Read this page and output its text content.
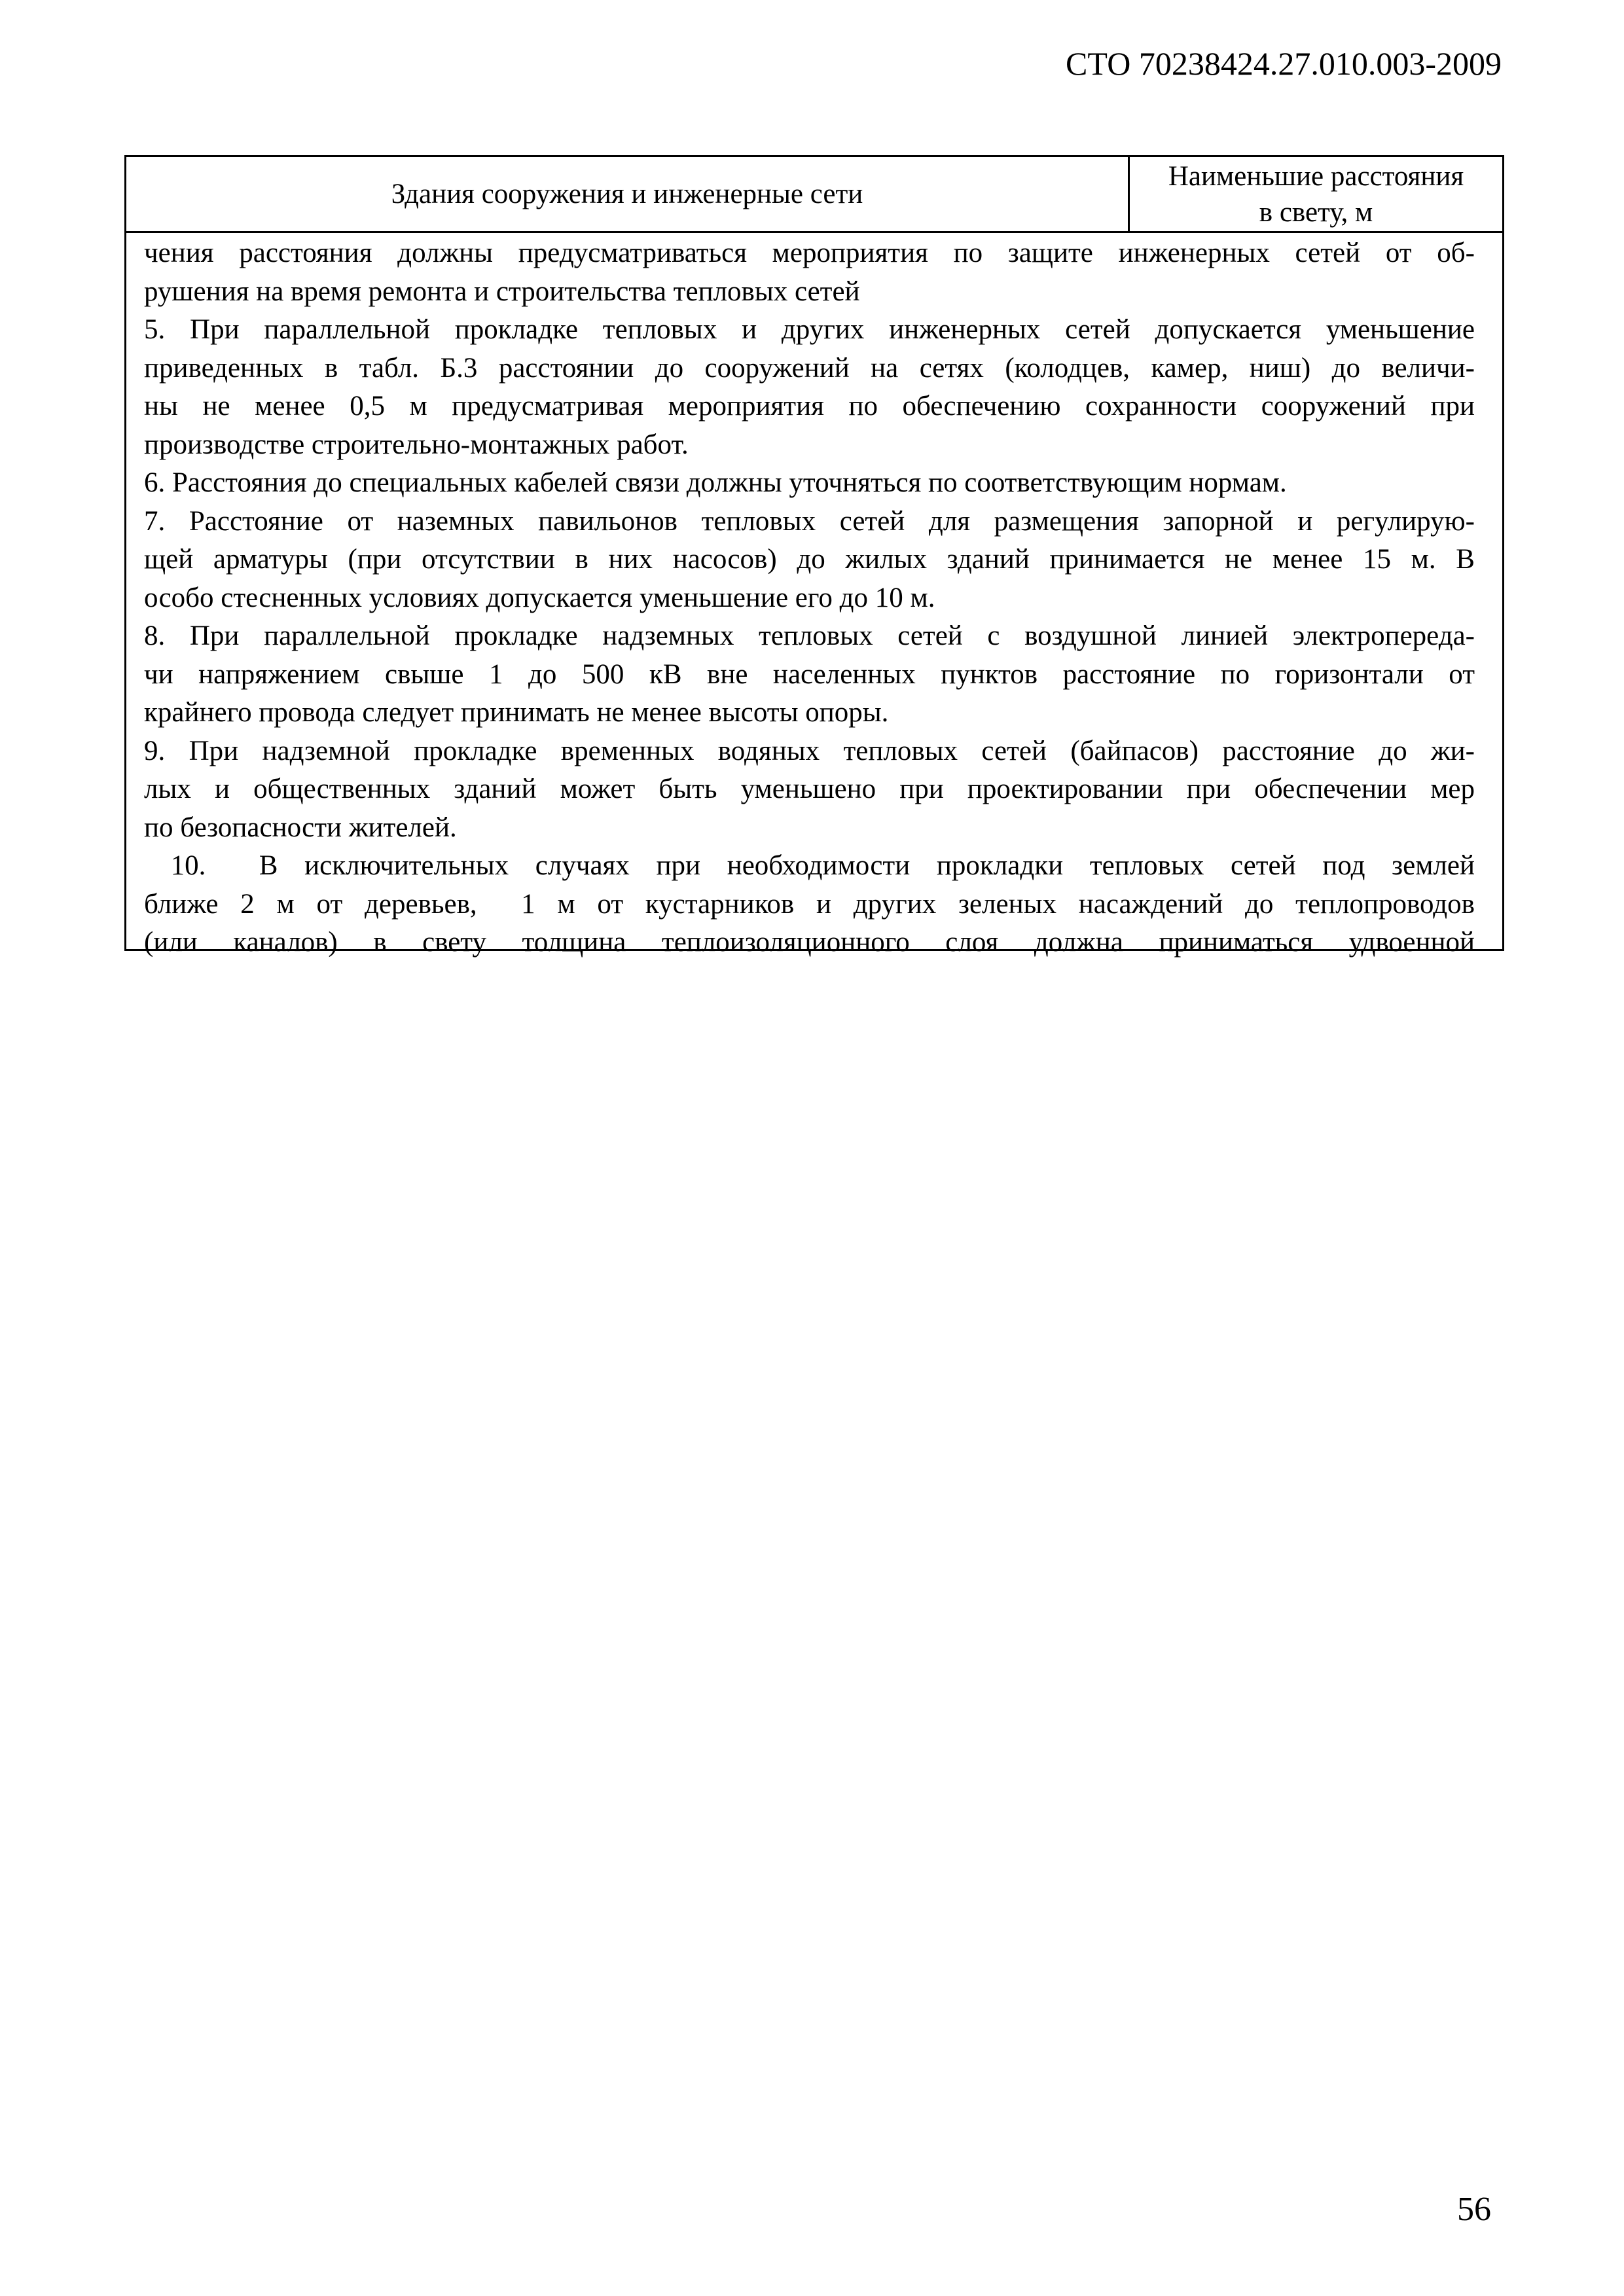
СТО 70238424.27.010.003-2009
Здания сооружения и инженерные сети
Наименьшие расстояния
в свету, м
чения расстояния должны предусматриваться мероприятия по защите инженерных сетей от об-
рушения на время ремонта и строительства тепловых сетей
5. При параллельной прокладке тепловых и других инженерных сетей допускается уменьшение
приведенных в табл. Б.3 расстоянии до сооружений на сетях (колодцев, камер, ниш) до величи-
ны не менее 0,5 м предусматривая мероприятия по обеспечению сохранности сооружений при
производстве строительно-монтажных работ.
6. Расстояния до специальных кабелей связи должны уточняться по соответствующим нормам.
7. Расстояние от наземных павильонов тепловых сетей для размещения запорной и регулирую-
щей арматуры (при отсутствии в них насосов) до жилых зданий принимается не менее 15 м. В
особо стесненных условиях допускается уменьшение его до 10 м.
8. При параллельной прокладке надземных тепловых сетей с воздушной линией электропереда-
чи напряжением свыше 1 до 500 кВ вне населенных пунктов расстояние по горизонтали от
крайнего провода следует принимать не менее высоты опоры.
9. При надземной прокладке временных водяных тепловых сетей (байпасов) расстояние до жи-
лых и общественных зданий может быть уменьшено при проектировании при обеспечении мер
по безопасности жителей.
10.  В исключительных случаях при необходимости прокладки тепловых сетей под землей
ближе 2 м от деревьев,  1 м от кустарников и других зеленых насаждений до теплопроводов
(или каналов) в свету толщина теплоизоляционного слоя должна приниматься удвоенной
56
